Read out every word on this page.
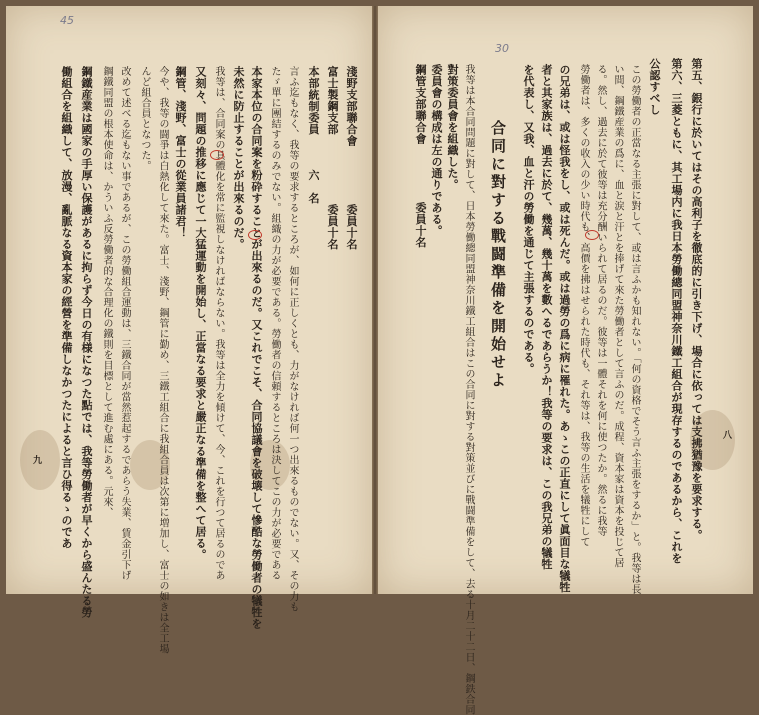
45
30
第五、銀行に於いてはその高利子を徹底的に引き下げ、場合に依っては支拂猶豫を要求する。
第六、三菱ともに、其工場内に我日本勞働總同盟神奈川鐵工組合が現存するのであるから、これを
公認すべし
この勞働者の正當なる主張に對して、或は言ふかも知れない。「何の資格でそう言ふ主張をするか」と。我等は長
い間、鋼鐵産業の爲に、血と涙と汗とを捧げて來た勞働者として言ふのだ。成程、資本家は資本を投じて居
る。然し、過去に於て彼等は充分酬いられて居るのだ。彼等は一體それを何に使つたか。然るに我等
勞働者は、多くの收入の少い時代も、高價を拂はせられた時代も、それ等は、我等の生活を犠牲にして
の兄弟は、或は怪我をし、或は死んだ。或は過勞の爲に病に罹れた。あゝこの正直にして眞面目な犠牲
者と其家族は、過去に於て、幾萬、幾十萬を數へるであらうか！我等の要求は、この我兄弟の犠牲
を代表し、又我、血と汗の勞働を通じて主張するのである。
合同に對する戰闘準備を開始せよ
我等は本合同問題に對して、日本勞働總同盟神奈川鐵工組合はこの合同に對する對策並びに戰闘準備をして、去る十月二十二日、鋼鉄合同
對策委員會を組織した。
委員會の構成は左の通りである。
鋼管支部聯合會　　　　　委員十名
八
淺野支部聯合會　　　　　委員十名
富士製鋼支部　　　　　　委員十名
本部統制委員　　　六　名
言ふ迄もなく、我等の要求するところが、如何に正しくとも、力がなければ何一つ出來るものでない。又、その力も
たゞ單に團結するのみでない。組織の力が必要である。勞働者の信頼するところは決してこの力が必要である
本家本位の合同案を粉砕することが出來るのだ。又これでこそ、合同協議會を破壊して慘酷な勞働者の犠牲を
未然に防止することが出來るのだ。
我等は、合同案の具體化を常に監視しなければならない。我等は全力を傾けて、今、これを行つて居るのであ
又刻々、問題の推移に應じて一大猛運動を開始し、正當なる要求と嚴正なる準備を整へて居る。
鋼管、淺野、富士の從業員諸君！
今や、我等の闘爭は白熱化して來た。富士、淺野、鋼管に勤め、三鐵工組合に我組合員は次第に増加し、富士の如きは全工場
んど組合員となつた。
改めて述べる迄もない事であるが、この勞働組合運動は、三鐵合同が當然惹起するであらう失業、賃金引下げ
鋼鐵同盟の根本使命は、かういふ反勞働者的な合理化の鐵則を目標として進む處にある。元來、
鋼鐵産業は國家の手厚い保護があるに拘らず今日の有様になつた點では、我等勞働者が早くから盛んたる勞
働組合を組織して、放漫、亂脈なる資本家の經營を準備しなかつたによると言ひ得るゝのであ
九
